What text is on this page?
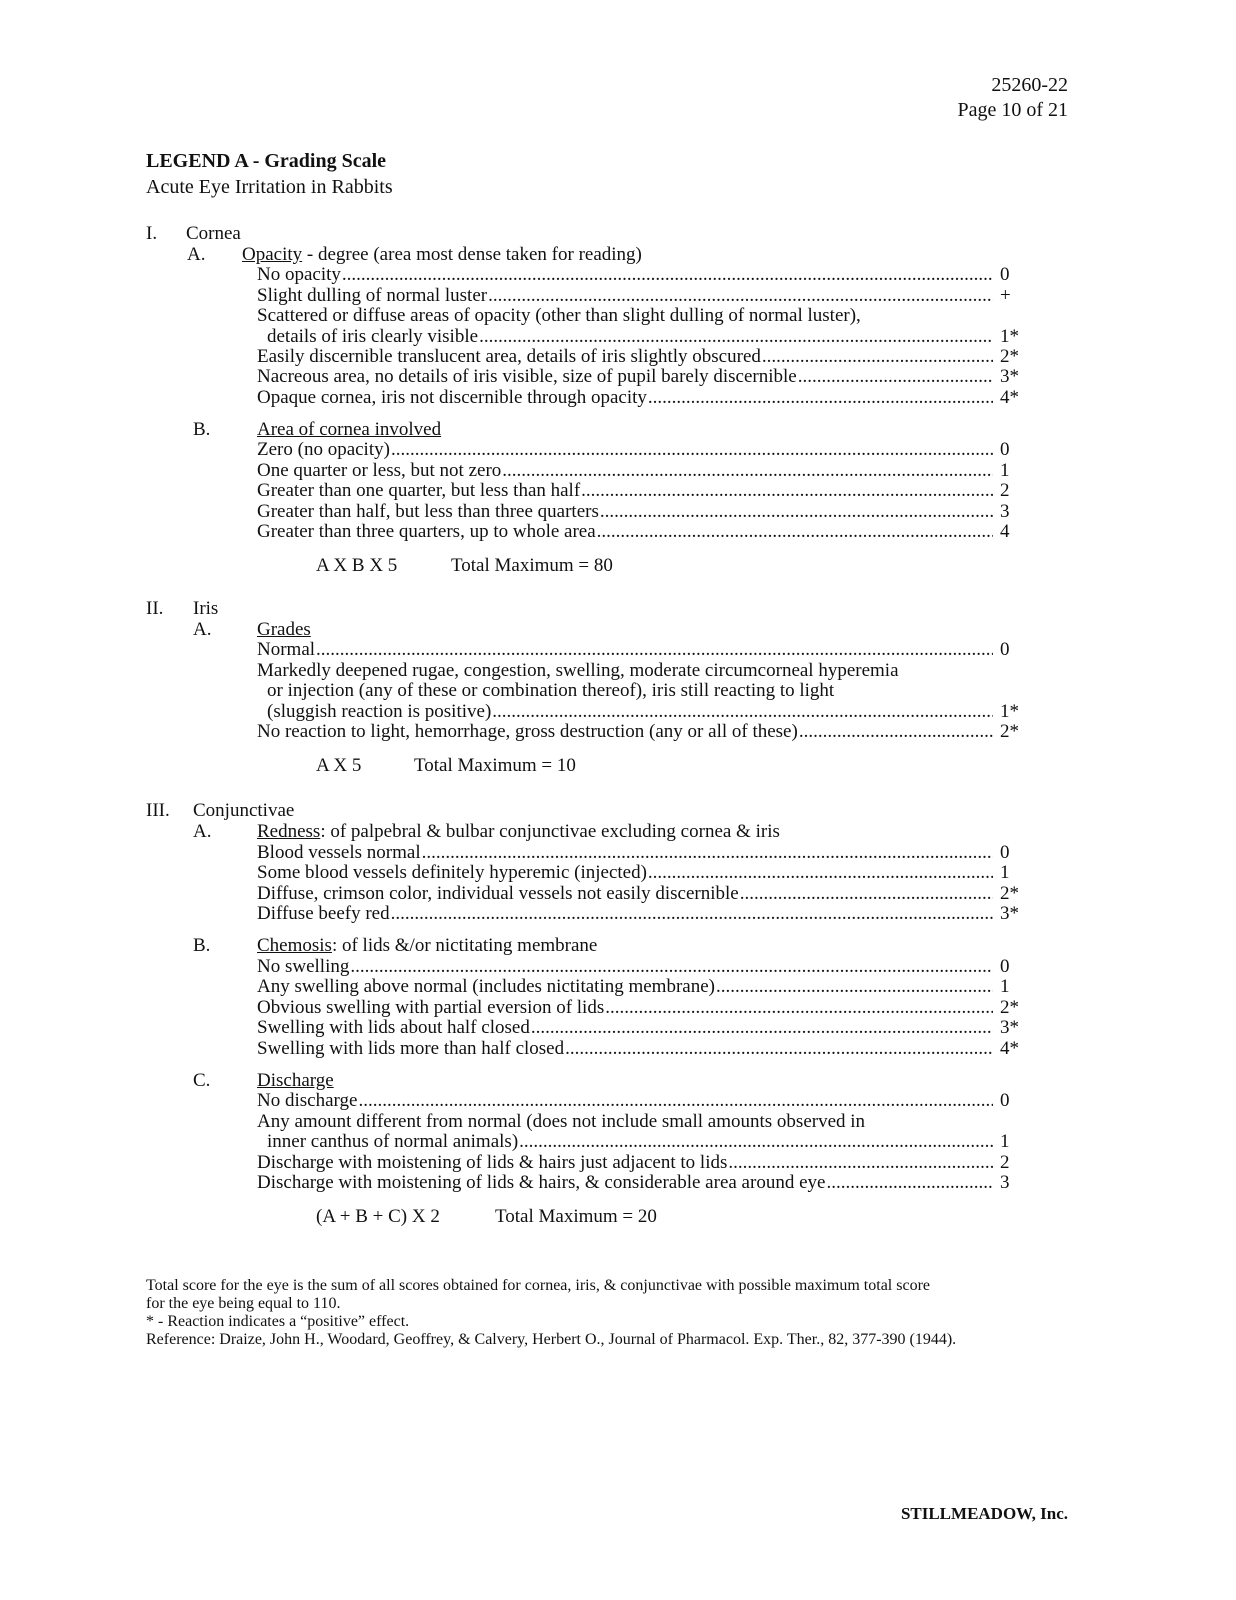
25260-22
Page 10 of 21
LEGEND A - Grading Scale
Acute Eye Irritation in Rabbits
I. Cornea
A. Opacity - degree (area most dense taken for reading)
No opacity .....	0
Slight dulling of normal luster .....	+
Scattered or diffuse areas of opacity (other than slight dulling of normal luster),
details of iris clearly visible .....	1*
Easily discernible translucent area, details of iris slightly obscured .....	2*
Nacreous area, no details of iris visible, size of pupil barely discernible .....	3*
Opaque cornea, iris not discernible through opacity .....	4*
B. Area of cornea involved
Zero (no opacity) .....	0
One quarter or less, but not zero .....	1
Greater than one quarter, but less than half .....	2
Greater than half, but less than three quarters .....	3
Greater than three quarters, up to whole area .....	4
A X B X 5	Total Maximum = 80
II. Iris
A. Grades
Normal .....	0
Markedly deepened rugae, congestion, swelling, moderate circumcorneal hyperemia
or injection (any of these or combination thereof), iris still reacting to light
(sluggish reaction is positive) .....	1*
No reaction to light, hemorrhage, gross destruction (any or all of these) .....	2*
A X 5	Total Maximum = 10
III. Conjunctivae
A. Redness: of palpebral & bulbar conjunctivae excluding cornea & iris
Blood vessels normal .....	0
Some blood vessels definitely hyperemic (injected) .....	1
Diffuse, crimson color, individual vessels not easily discernible .....	2*
Diffuse beefy red .....	3*
B. Chemosis: of lids &/or nictitating membrane
No swelling .....	0
Any swelling above normal (includes nictitating membrane) .....	1
Obvious swelling with partial eversion of lids .....	2*
Swelling with lids about half closed .....	3*
Swelling with lids more than half closed .....	4*
C. Discharge
No discharge .....	0
Any amount different from normal (does not include small amounts observed in
inner canthus of normal animals) .....	1
Discharge with moistening of lids & hairs just adjacent to lids .....	2
Discharge with moistening of lids & hairs, & considerable area around eye .....	3
(A + B + C) X 2	Total Maximum = 20
Total score for the eye is the sum of all scores obtained for cornea, iris, & conjunctivae with possible maximum total score
for the eye being equal to 110.
* - Reaction indicates a “positive” effect.
Reference: Draize, John H., Woodard, Geoffrey, & Calvery, Herbert O., Journal of Pharmacol. Exp. Ther., 82, 377-390 (1944).
STILLMEADOW, Inc.
